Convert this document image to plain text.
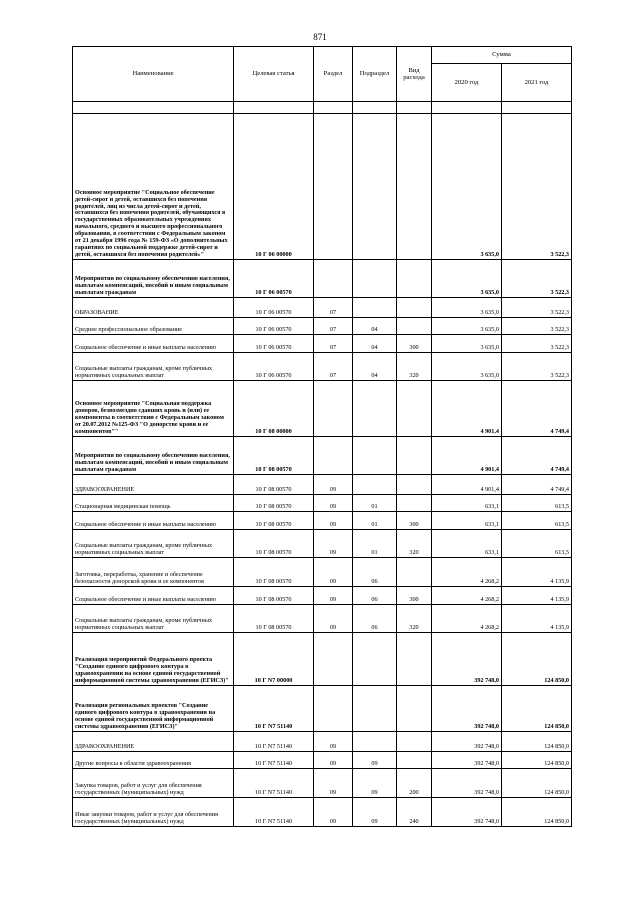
871
Наименование	Целевая статья	Раздел	Подраздел	Вид расхода	Сумма	
					2020 год	2021 год

Основное мероприятие "Социальное обеспечение детей-сирот и детей, оставшихся без попечения родителей, лиц из числа детей-сирот и детей, оставшихся без попечения родителей, обучающихся в государственных образовательных учреждениях начального, среднего и высшего профессионального образования, в соответствии с Федеральным законом от 21 декабря 1996 года № 159-ФЗ «О дополнительных гарантиях по социальной поддержке детей-сирот и детей, оставшихся без попечения родителей»"	10 Г 06 00000				3 635,0	3 522,3
Мероприятия по социальному обеспечению населения, выплатам компенсаций, пособий и иным социальным выплатам гражданам	10 Г 06 00570				3 635,0	3 522,3
ОБРАЗОВАНИЕ	10 Г 06 00570	07			3 635,0	3 522,3
Среднее профессиональное образование	10 Г 06 00570	07	04		3 635,0	3 522,3
Социальное обеспечение и иные выплаты населению	10 Г 06 00570	07	04	300	3 635,0	3 522,3
Социальные выплаты гражданам, кроме публичных нормативных социальных выплат	10 Г 06 00570	07	04	320	3 635,0	3 522,3
Основное мероприятие "Социальная поддержка доноров, безвозмездно сдавших кровь и (или) ее компоненты в соответствии с Федеральным законом от 20.07.2012 №125-ФЗ "О донорстве крови и ее компонентов""	10 Г 08 00000				4 901,4	4 749,4
Мероприятия по социальному обеспечению населения, выплатам компенсаций, пособий и иным социальным выплатам гражданам	10 Г 08 00570				4 901,4	4 749,4
ЗДРАВООХРАНЕНИЕ	10 Г 08 00570	09			4 901,4	4 749,4
Стационарная медицинская помощь	10 Г 08 00570	09	01		633,1	613,5
Социальное обеспечение и иные выплаты населению	10 Г 08 00570	09	01	300	633,1	613,5
Социальные выплаты гражданам, кроме публичных нормативных социальных выплат	10 Г 08 00570	09	01	320	633,1	613,5
Заготовка, переработка, хранение и обеспечение безопасности донорской крови и ее компонентов	10 Г 08 00570	09	06		4 268,2	4 135,9
Социальное обеспечение и иные выплаты населению	10 Г 08 00570	09	06	300	4 268,2	4 135,9
Социальные выплаты гражданам, кроме публичных нормативных социальных выплат	10 Г 08 00570	09	06	320	4 268,2	4 135,9
Реализация мероприятий Федерального проекта "Создание единого цифрового контура в здравоохранении на основе единой государственной информационной системы здравоохранения (ЕГИСЗ)"	10 Г N7 00000				392 748,0	124 850,0
Реализация региональных проектов "Создание единого цифрового контура в здравоохранении на основе единой государственной информационной системы здравоохранения (ЕГИСЗ)"	10 Г N7 51140				392 748,0	124 850,0
ЗДРАВООХРАНЕНИЕ	10 Г N7 51140	09			392 748,0	124 850,0
Другие вопросы в области здравоохранения	10 Г N7 51140	09	09		392 748,0	124 850,0
Закупка товаров, работ и услуг для обеспечения государственных (муниципальных) нужд	10 Г N7 51140	09	09	200	392 748,0	124 850,0
Иные закупки товаров, работ и услуг для обеспечения государственных (муниципальных) нужд	10 Г N7 51140	09	09	240	392 748,0	124 850,0
